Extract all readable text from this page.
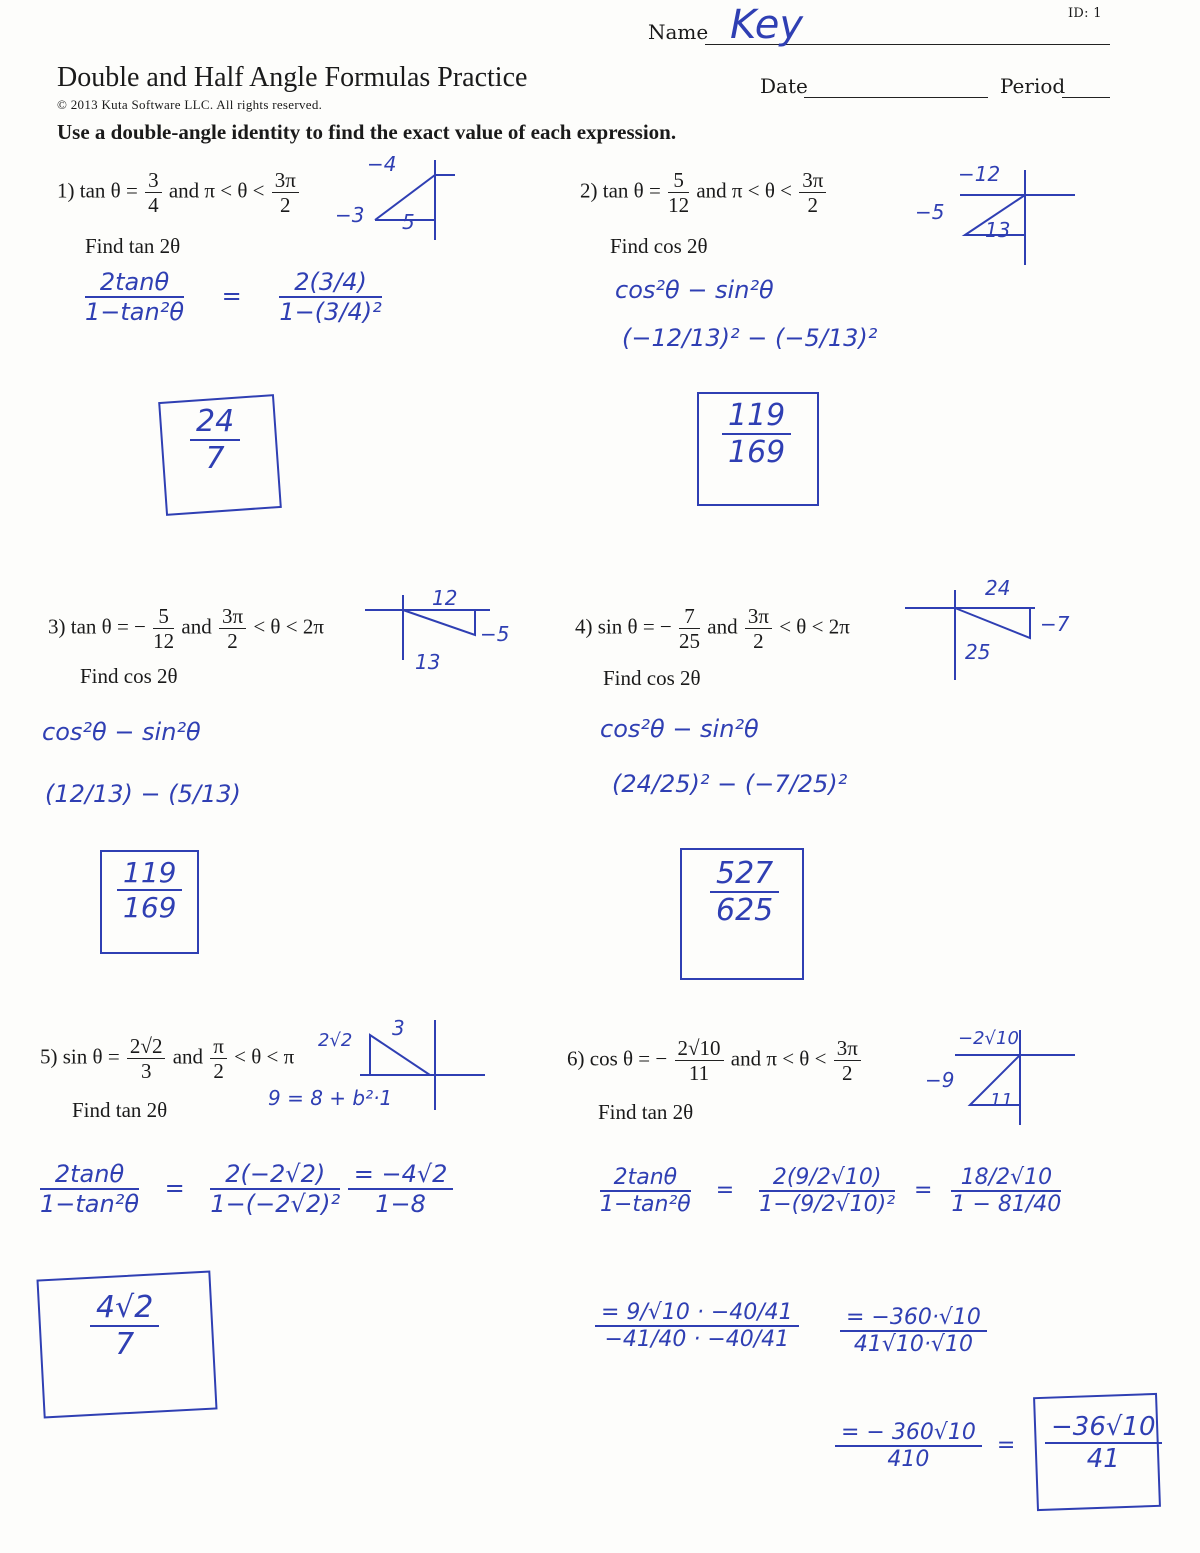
ID: 1
Name Key
Double and Half Angle Formulas Practice	Date	Period
© 2013 Kuta Software LLC. All rights reserved.
Use a double-angle identity to find the exact value of each expression.
1) $\tan \theta = \frac{3}{4}$ and $\pi < \theta < \frac{3\pi}{2}$
Find tan 2θ
−4
−3 5
$\frac{2\tan\theta}{\text{1−tan²θ}} = \frac{2(3/4)}{\text{1−(3/4)²}}$
$\frac{24}{7}$
2) $\tan \theta = \frac{5}{12}$ and $\pi < \theta < \frac{3\pi}{2}$
Find cos 2θ
−12
−5
13
cos²θ − sin²θ
(−12/13)² − (−5/13)²
$\frac{119}{169}$
3) tan θ = − $\frac{5}{12}$ and $\frac{3\pi}{2} < \theta < 2\pi$
Find cos 2θ
12
−5
13
cos²θ − sin²θ
(12/13) − (5/13)
$\frac{119}{169}$
4) sin θ = − $\frac{7}{25}$ and $\frac{3\pi}{2} < \theta < 2\pi$
Find cos 2θ
24
−7
25
cos²θ − sin²θ
(24/25)² − (−7/25)²
$\frac{527}{625}$
5) $\sin \theta = \frac{2√2}{3}$ and $\frac{\pi}{2} < \theta < \pi$
Find tan 2θ
2√2
3
9 = 8 + b²·1
$\frac{2\tan\theta}{\text{1−tan²θ}} = \frac{2(-2√2)}{\text{1−(−2√2)²}}$
$\frac{= -4√2}{1-8}$
$\frac{4√2}{7}$
6) cos θ = − $\frac{2√10}{11}$ and $\pi < \theta < \frac{3\pi}{2}$
Find tan 2θ
−2√10
−9
11
$\frac{2\tan\theta}{\text{1−tan²θ}} = \frac{2(9/2√10)}{\text{1−(9/2√10)²}} = \frac{18/2√10}{1 - 81/40}$
$\frac{= 9/√10 \cdot -40/41}{-41/40 \cdot -40/41} \frac{= -360\cdot√10}{41√10\cdot√10}$
$\frac{= - 360√10}{410} = \frac{-36√10}{41}$
